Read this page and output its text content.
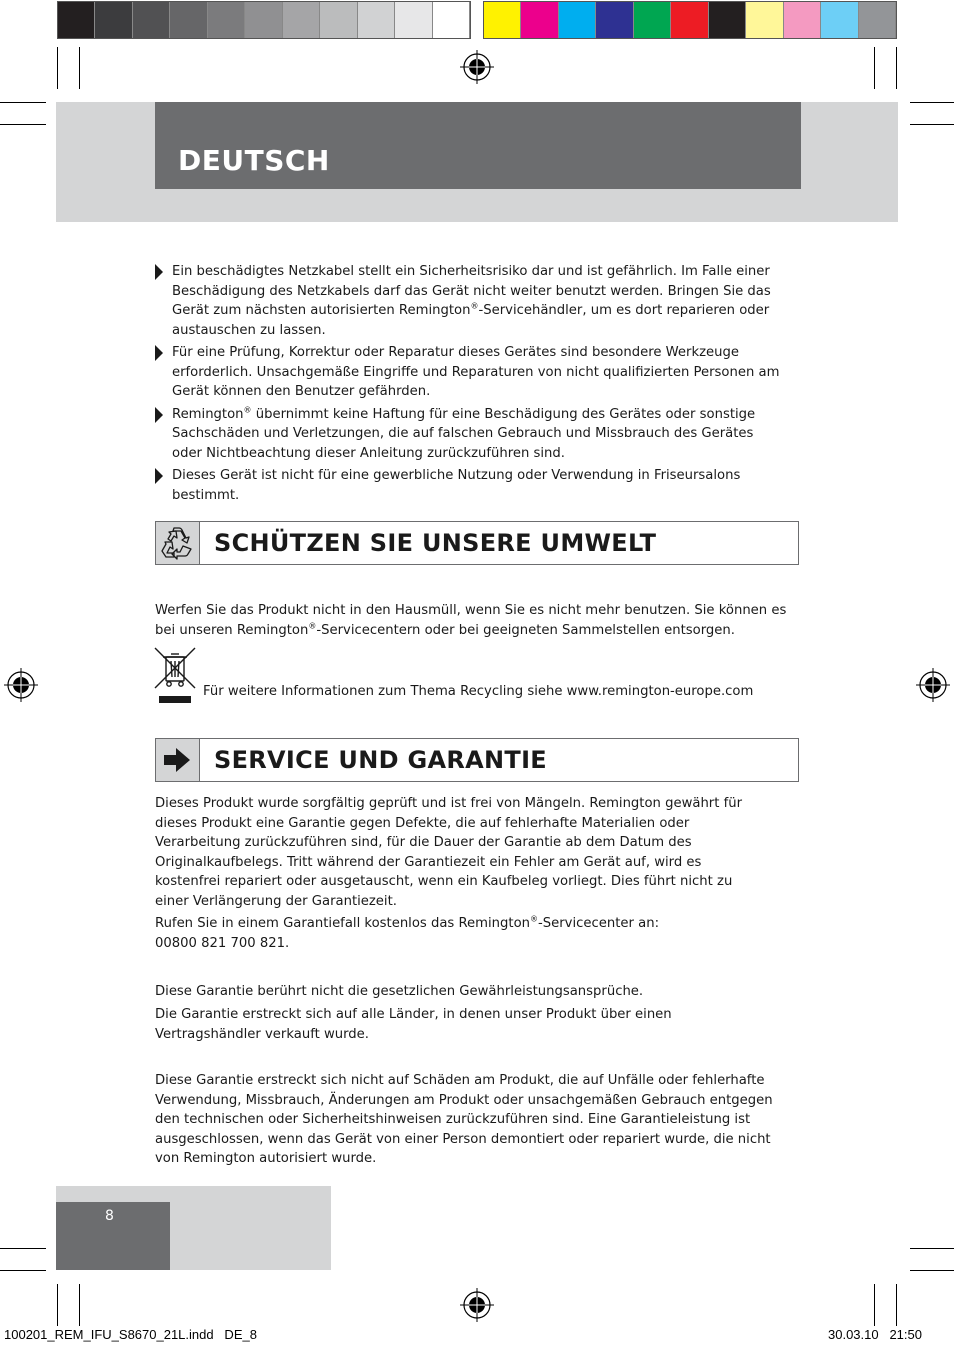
DEUTSCH
Ein beschädigtes Netzkabel stellt ein Sicherheitsrisiko dar und ist gefährlich. Im Falle einer Beschädigung des Netzkabels darf das Gerät nicht weiter benutzt werden. Bringen Sie das Gerät zum nächsten autorisierten Remington®-Servicehändler, um es dort reparieren oder austauschen zu lassen.
Für eine Prüfung, Korrektur oder Reparatur dieses Gerätes sind besondere Werkzeuge erforderlich. Unsachgemäße Eingriffe und Reparaturen von nicht qualifizierten Personen am Gerät können den Benutzer gefährden.
Remington® übernimmt keine Haftung für eine Beschädigung des Gerätes oder sonstige Sachschäden und Verletzungen, die auf falschen Gebrauch und Missbrauch des Gerätes oder Nichtbeachtung dieser Anleitung zurückzuführen sind.
Dieses Gerät ist nicht für eine gewerbliche Nutzung oder Verwendung in Friseursalons bestimmt.
SCHÜTZEN SIE UNSERE UMWELT
Werfen Sie das Produkt nicht in den Hausmüll, wenn Sie es nicht mehr benutzen. Sie können es bei unseren Remington®-Servicecentern oder bei geeigneten Sammelstellen entsorgen.
Für weitere Informationen zum Thema Recycling siehe www.remington-europe.com
SERVICE UND GARANTIE
Dieses Produkt wurde sorgfältig geprüft und ist frei von Mängeln. Remington gewährt für dieses Produkt eine Garantie gegen Defekte, die auf fehlerhafte Materialien oder Verarbeitung zurückzuführen sind, für die Dauer der Garantie ab dem Datum des Originalkaufbelegs. Tritt während der Garantiezeit ein Fehler am Gerät auf, wird es kostenfrei repariert oder ausgetauscht, wenn ein Kaufbeleg vorliegt. Dies führt nicht zu einer Verlängerung der Garantiezeit.
Rufen Sie in einem Garantiefall kostenlos das Remington®-Servicecenter an:
00800 821 700 821.
Diese Garantie berührt nicht die gesetzlichen Gewährleistungsansprüche.
Die Garantie erstreckt sich auf alle Länder, in denen unser Produkt über einen Vertragshändler verkauft wurde.
Diese Garantie erstreckt sich nicht auf Schäden am Produkt, die auf Unfälle oder fehlerhafte Verwendung, Missbrauch, Änderungen am Produkt oder unsachgemäßen Gebrauch entgegen den technischen oder Sicherheitshinweisen zurückzuführen sind. Eine Garantieleistung ist ausgeschlossen, wenn das Gerät von einer Person demontiert oder repariert wurde, die nicht von Remington autorisiert wurde.
8
100201_REM_IFU_S8670_21L.indd   DE_8	30.03.10   21:50
